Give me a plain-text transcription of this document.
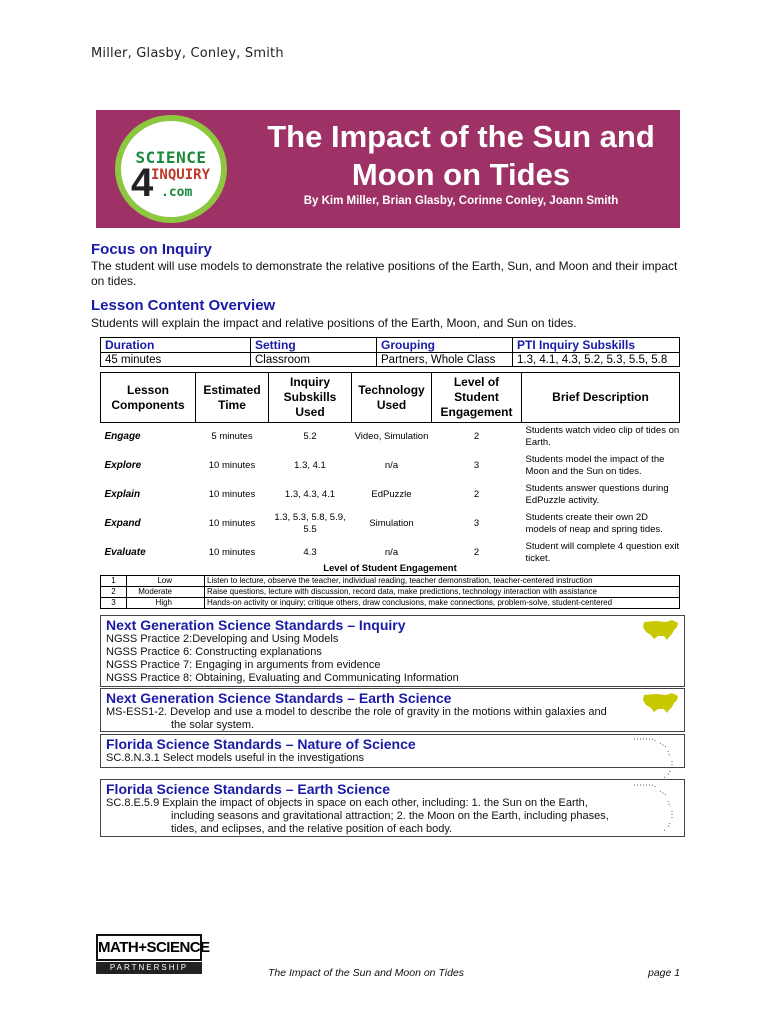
Miller, Glasby, Conley, Smith
SCIENCE
4
INQUIRY
.com
The Impact of the Sun and
Moon on Tides
By Kim Miller, Brian Glasby, Corinne Conley, Joann Smith
Focus on Inquiry
The student will use models to demonstrate the relative positions of the Earth, Sun, and Moon and their impact on tides.
Lesson Content Overview
Students will explain the impact and relative positions of the Earth, Moon, and Sun on tides.
Duration	Setting	Grouping	PTI Inquiry Subskills
45 minutes	Classroom	Partners, Whole Class	1.3, 4.1, 4.3, 5.2, 5.3, 5.5, 5.8
Lesson Components	Estimated Time	Inquiry Subskills Used	Technology Used	Level of Student Engagement	Brief Description
Engage	5 minutes	5.2	Video, Simulation	2	Students watch video clip of tides on Earth.
Explore	10 minutes	1.3, 4.1	n/a	3	Students model the impact of the Moon and the Sun on tides.
Explain	10 minutes	1.3, 4.3, 4.1	EdPuzzle	2	Students answer questions during EdPuzzle activity.
Expand	10 minutes	1.3, 5.3, 5.8, 5.9, 5.5	Simulation	3	Students create their own 2D models of neap and spring tides.
Evaluate	10 minutes	4.3	n/a	2	Student will complete 4 question exit ticket.
Level of Student Engagement
1	Low	Listen to lecture, observe the teacher, individual reading, teacher demonstration, teacher-centered instruction
2	Moderate	Raise questions, lecture with discussion, record data, make predictions, technology interaction with assistance
3	High	Hands-on activity or inquiry; critique others, draw conclusions, make connections, problem-solve, student-centered
Next Generation Science Standards – Inquiry
NGSS Practice 2:Developing and Using Models
NGSS Practice 6: Constructing explanations
NGSS Practice 7: Engaging in arguments from evidence
NGSS Practice 8: Obtaining, Evaluating and Communicating Information
Next Generation Science Standards – Earth Science
MS-ESS1-2. Develop and use a model to describe the role of gravity in the motions within galaxies and
the solar system.
Florida Science Standards – Nature of Science
SC.8.N.3.1 Select models useful in the investigations
Florida Science Standards – Earth Science
SC.8.E.5.9 Explain the impact of objects in space on each other, including: 1. the Sun on the Earth,
including seasons and gravitational attraction; 2. the Moon on the Earth, including phases,
tides, and eclipses, and the relative position of each body.
MATH+SCIENCE
PARTNERSHIP	The Impact of the Sun and Moon on Tides	page 1
